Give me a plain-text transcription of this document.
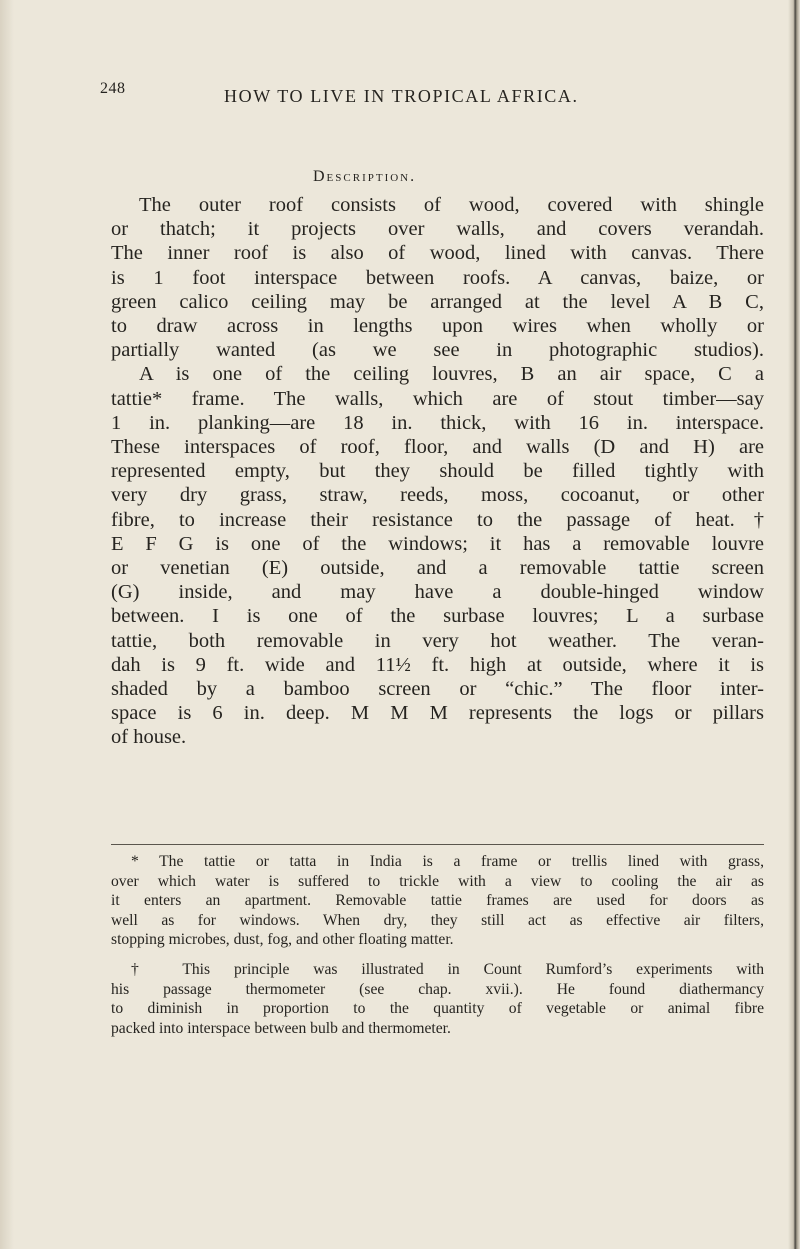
248	HOW TO LIVE IN TROPICAL AFRICA.
Description.
The outer roof consists of wood, covered with shingle
or thatch; it projects over walls, and covers verandah.
The inner roof is also of wood, lined with canvas. There
is 1 foot interspace between roofs. A canvas, baize, or
green calico ceiling may be arranged at the level A B C,
to draw across in lengths upon wires when wholly or
partially wanted (as we see in photographic studios).
A is one of the ceiling louvres, B an air space, C a
tattie* frame. The walls, which are of stout timber—say
1 in. planking—are 18 in. thick, with 16 in. interspace.
These interspaces of roof, floor, and walls (D and H) are
represented empty, but they should be filled tightly with
very dry grass, straw, reeds, moss, cocoanut, or other
fibre, to increase their resistance to the passage of heat.†
E F G is one of the windows; it has a removable louvre
or venetian (E) outside, and a removable tattie screen
(G) inside, and may have a double-hinged window
between. I is one of the surbase louvres; L a surbase
tattie, both removable in very hot weather. The veran-
dah is 9 ft. wide and 11½ ft. high at outside, where it is
shaded by a bamboo screen or “chic.” The floor inter-
space is 6 in. deep. M M M represents the logs or pillars
of house.
* The tattie or tatta in India is a frame or trellis lined with grass,
over which water is suffered to trickle with a view to cooling the air as
it enters an apartment. Removable tattie frames are used for doors as
well as for windows. When dry, they still act as effective air filters,
stopping microbes, dust, fog, and other floating matter.
† This principle was illustrated in Count Rumford’s experiments with
his passage thermometer (see chap. xvii.). He found diathermancy
to diminish in proportion to the quantity of vegetable or animal fibre
packed into interspace between bulb and thermometer.
